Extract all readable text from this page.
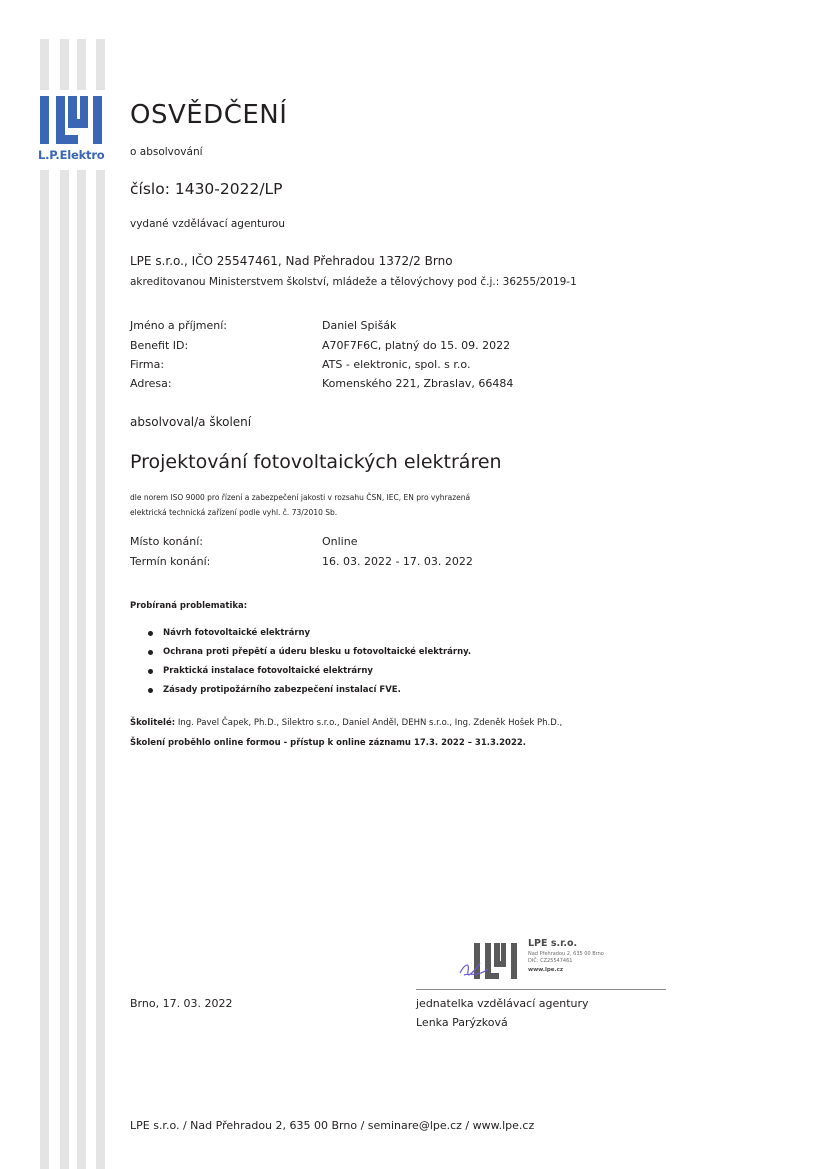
L.P.Elektro
OSVĚDČENÍ
o absolvování
číslo: 1430-2022/LP
vydané vzdělávací agenturou
LPE s.r.o., IČO 25547461, Nad Přehradou 1372/2 Brno
akreditovanou Ministerstvem školství, mládeže a tělovýchovy pod č.j.: 36255/2019-1
Jméno a příjmení:	Daniel Spišák
Benefit ID:	A70F7F6C, platný do 15. 09. 2022
Firma:	ATS - elektronic, spol. s r.o.
Adresa:	Komenského 221, Zbraslav, 66484
absolvoval/a školení
Projektování fotovoltaických elektráren
dle norem ISO 9000 pro řízení a zabezpečení jakosti v rozsahu ČSN, IEC, EN pro vyhrazená
elektrická technická zařízení podle vyhl. č. 73/2010 Sb.
Místo konání:	Online
Termín konání:	16. 03. 2022 - 17. 03. 2022
Probíraná problematika:
Návrh fotovoltaické elektrárny
Ochrana proti přepětí a úderu blesku u fotovoltaické elektrárny.
Praktická instalace fotovoltaické elektrárny
Zásady protipožárního zabezpečení instalací FVE.
Školitelé: Ing. Pavel Čapek, Ph.D., Silektro s.r.o., Daniel Anděl, DEHN s.r.o., Ing. Zdeněk Hošek Ph.D.,
Školení proběhlo online formou - přístup k online záznamu 17.3. 2022 – 31.3.2022.
LPE s.r.o.
Nad Přehradou 2, 635 00 Brno
DIČ: CZ25547461
www.lpe.cz
Brno, 17. 03. 2022	jednatelka vzdělávací agentury
Lenka Parýzková
LPE s.r.o. / Nad Přehradou 2, 635 00 Brno / seminare@lpe.cz / www.lpe.cz
